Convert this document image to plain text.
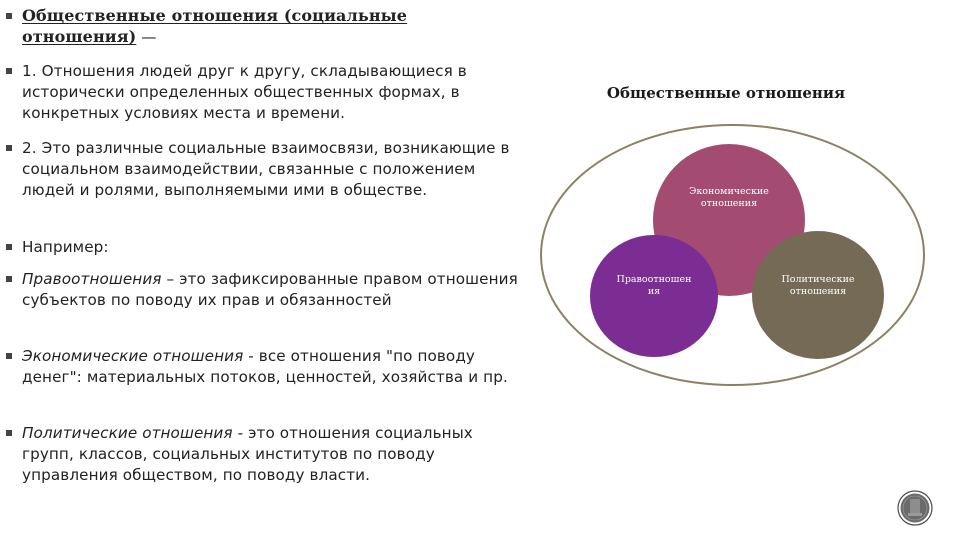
Общественные отношения (социальные
отношения) —
1. Отношения людей друг к другу, складывающиеся в исторически определенных общественных формах, в конкретных условиях места и времени.
2. Это различные социальные взаимосвязи, возникающие в социальном взаимодействии, связанные с положением людей и ролями, выполняемыми ими в обществе.
Например:
Правоотношения – это зафиксированные правом отношения субъектов по поводу их прав и обязанностей
Экономические отношения - все отношения "по поводу денег": материальных потоков, ценностей, хозяйства и пр.
Политические отношения - это отношения социальных групп, классов, социальных институтов по поводу управления обществом, по поводу власти.
Общественные отношения
Экономические отношения
Правоотношен ия
Политические отношения
